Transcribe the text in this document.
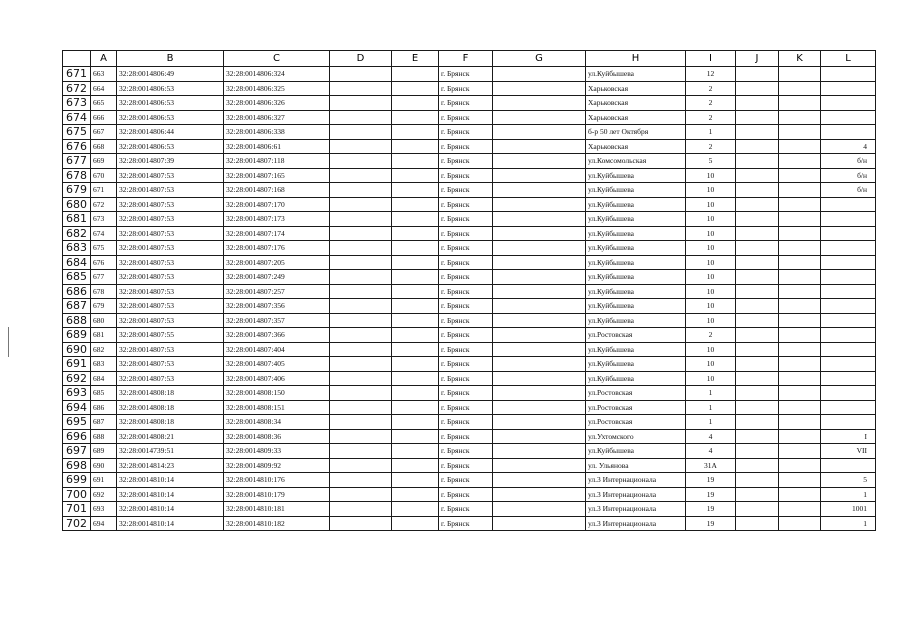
	A	B	C	D	E	F	G	H	I	J	K	L
671	663	32:28:0014806:49	32:28:0014806:324			г. Брянск		ул.Куйбышева	12			
672	664	32:28:0014806:53	32:28:0014806:325			г. Брянск		Харьковская	2			
673	665	32:28:0014806:53	32:28:0014806:326			г. Брянск		Харьковская	2			
674	666	32:28:0014806:53	32:28:0014806:327			г. Брянск		Харьковская	2			
675	667	32:28:0014806:44	32:28:0014806:338			г. Брянск		б-р 50 лет Октября	1			
676	668	32:28:0014806:53	32:28:0014806:61			г. Брянск		Харьковская	2			4
677	669	32:28:0014807:39	32:28:0014807:118			г. Брянск		ул.Комсомольская	5			б/н
678	670	32:28:0014807:53	32:28:0014807:165			г. Брянск		ул.Куйбышева	10			б/н
679	671	32:28:0014807:53	32:28:0014807:168			г. Брянск		ул.Куйбышева	10			б/н
680	672	32:28:0014807:53	32:28:0014807:170			г. Брянск		ул.Куйбышева	10			
681	673	32:28:0014807:53	32:28:0014807:173			г. Брянск		ул.Куйбышева	10			
682	674	32:28:0014807:53	32:28:0014807:174			г. Брянск		ул.Куйбышева	10			
683	675	32:28:0014807:53	32:28:0014807:176			г. Брянск		ул.Куйбышева	10			
684	676	32:28:0014807:53	32:28:0014807:205			г. Брянск		ул.Куйбышева	10			
685	677	32:28:0014807:53	32:28:0014807:249			г. Брянск		ул.Куйбышева	10			
686	678	32:28:0014807:53	32:28:0014807:257			г. Брянск		ул.Куйбышева	10			
687	679	32:28:0014807:53	32:28:0014807:356			г. Брянск		ул.Куйбышева	10			
688	680	32:28:0014807:53	32:28:0014807:357			г. Брянск		ул.Куйбышева	10			
689	681	32:28:0014807:55	32:28:0014807:366			г. Брянск		ул.Ростовская	2			
690	682	32:28:0014807:53	32:28:0014807:404			г. Брянск		ул.Куйбышева	10			
691	683	32:28:0014807:53	32:28:0014807:405			г. Брянск		ул.Куйбышева	10			
692	684	32:28:0014807:53	32:28:0014807:406			г. Брянск		ул.Куйбышева	10			
693	685	32:28:0014808:18	32:28:0014808:150			г. Брянск		ул.Ростовская	1			
694	686	32:28:0014808:18	32:28:0014808:151			г. Брянск		ул.Ростовская	1			
695	687	32:28:0014808:18	32:28:0014808:34			г. Брянск		ул.Ростовская	1			
696	688	32:28:0014808:21	32:28:0014808:36			г. Брянск		ул.Ухтомского	4			I
697	689	32:28:0014739:51	32:28:0014809:33			г. Брянск		ул.Куйбышева	4			VII
698	690	32:28:0014814:23	32:28:0014809:92			г. Брянск		ул. Ульянова	31А			
699	691	32:28:0014810:14	32:28:0014810:176			г. Брянск		ул.3 Интернационала	19			5
700	692	32:28:0014810:14	32:28:0014810:179			г. Брянск		ул.3 Интернационала	19			1
701	693	32:28:0014810:14	32:28:0014810:181			г. Брянск		ул.3 Интернационала	19			1001
702	694	32:28:0014810:14	32:28:0014810:182			г. Брянск		ул.3 Интернационала	19			1
